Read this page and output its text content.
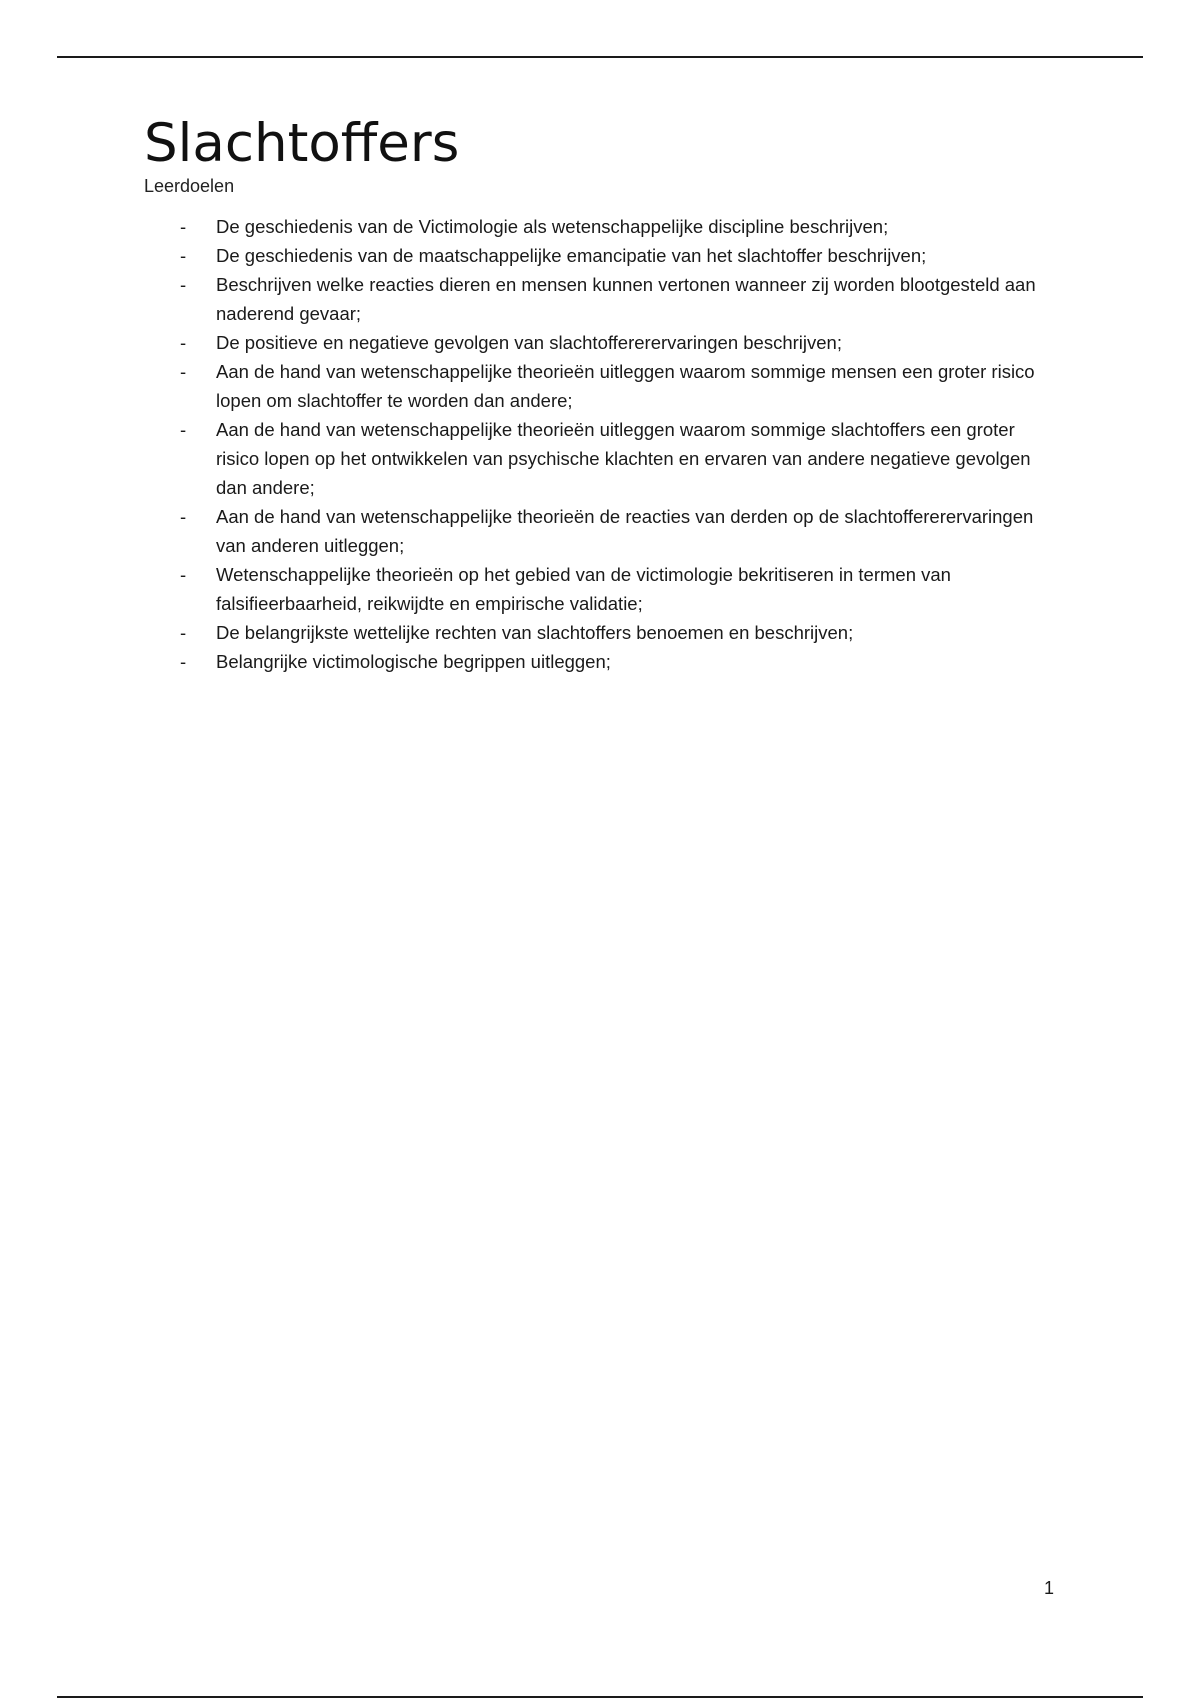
Slachtoffers
Leerdoelen
-	De geschiedenis van de Victimologie als wetenschappelijke discipline beschrijven;
-	De geschiedenis van de maatschappelijke emancipatie van het slachtoffer beschrijven;
-	Beschrijven welke reacties dieren en mensen kunnen vertonen wanneer zij worden blootgesteld aan naderend gevaar;
-	De positieve en negatieve gevolgen van slachtoffererervaringen beschrijven;
-	Aan de hand van wetenschappelijke theorieën uitleggen waarom sommige mensen een groter risico lopen om slachtoffer te worden dan andere;
-	Aan de hand van wetenschappelijke theorieën uitleggen waarom sommige slachtoffers een groter risico lopen op het ontwikkelen van psychische klachten en ervaren van andere negatieve gevolgen dan andere;
-	Aan de hand van wetenschappelijke theorieën de reacties van derden op de slachtoffererervaringen van anderen uitleggen;
-	Wetenschappelijke theorieën op het gebied van de victimologie bekritiseren in termen van falsifieerbaarheid, reikwijdte en empirische validatie;
-	De belangrijkste wettelijke rechten van slachtoffers benoemen en beschrijven;
-	Belangrijke victimologische begrippen uitleggen;
1
